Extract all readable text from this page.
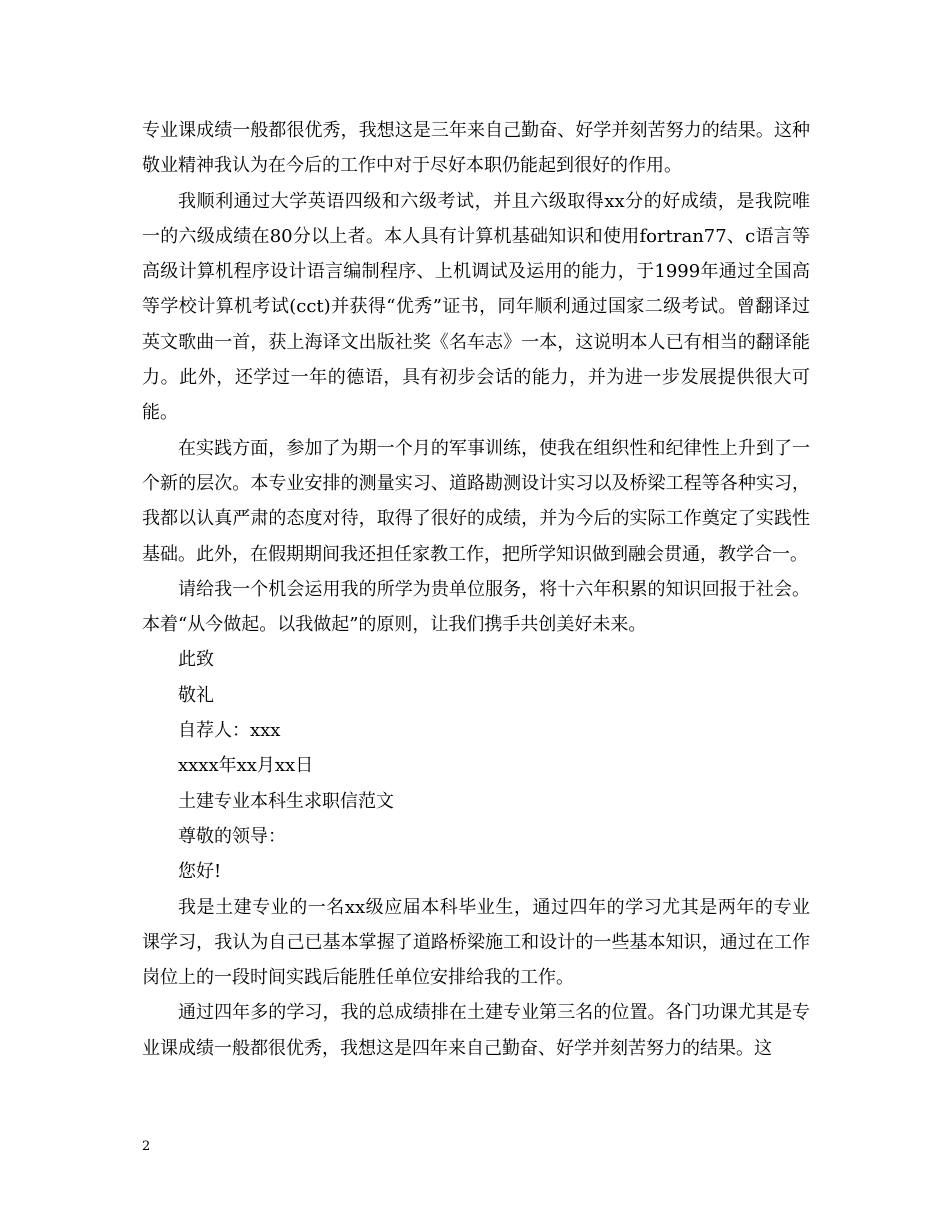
专业课成绩一般都很优秀，我想这是三年来自己勤奋、好学并刻苦努力的结果。这种敬业精神我认为在今后的工作中对于尽好本职仍能起到很好的作用。

我顺利通过大学英语四级和六级考试，并且六级取得xx分的好成绩，是我院唯一的六级成绩在80分以上者。本人具有计算机基础知识和使用fortran77、c语言等高级计算机程序设计语言编制程序、上机调试及运用的能力，于1999年通过全国高等学校计算机考试(cct)并获得“优秀”证书，同年顺利通过国家二级考试。曾翻译过英文歌曲一首，获上海译文出版社奖《名车志》一本，这说明本人已有相当的翻译能力。此外，还学过一年的德语，具有初步会话的能力，并为进一步发展提供很大可能。

在实践方面，参加了为期一个月的军事训练，使我在组织性和纪律性上升到了一个新的层次。本专业安排的测量实习、道路勘测设计实习以及桥梁工程等各种实习，我都以认真严肃的态度对待，取得了很好的成绩，并为今后的实际工作奠定了实践性基础。此外，在假期期间我还担任家教工作，把所学知识做到融会贯通，教学合一。

请给我一个机会运用我的所学为贵单位服务，将十六年积累的知识回报于社会。本着“从今做起。以我做起”的原则，让我们携手共创美好未来。

此致

敬礼

自荐人：xxx

xxxx年xx月xx日

土建专业本科生求职信范文

尊敬的领导：

您好!

我是土建专业的一名xx级应届本科毕业生，通过四年的学习尤其是两年的专业课学习，我认为自己已基本掌握了道路桥梁施工和设计的一些基本知识，通过在工作岗位上的一段时间实践后能胜任单位安排给我的工作。

通过四年多的学习，我的总成绩排在土建专业第三名的位置。各门功课尤其是专业课成绩一般都很优秀，我想这是四年来自己勤奋、好学并刻苦努力的结果。这

2
